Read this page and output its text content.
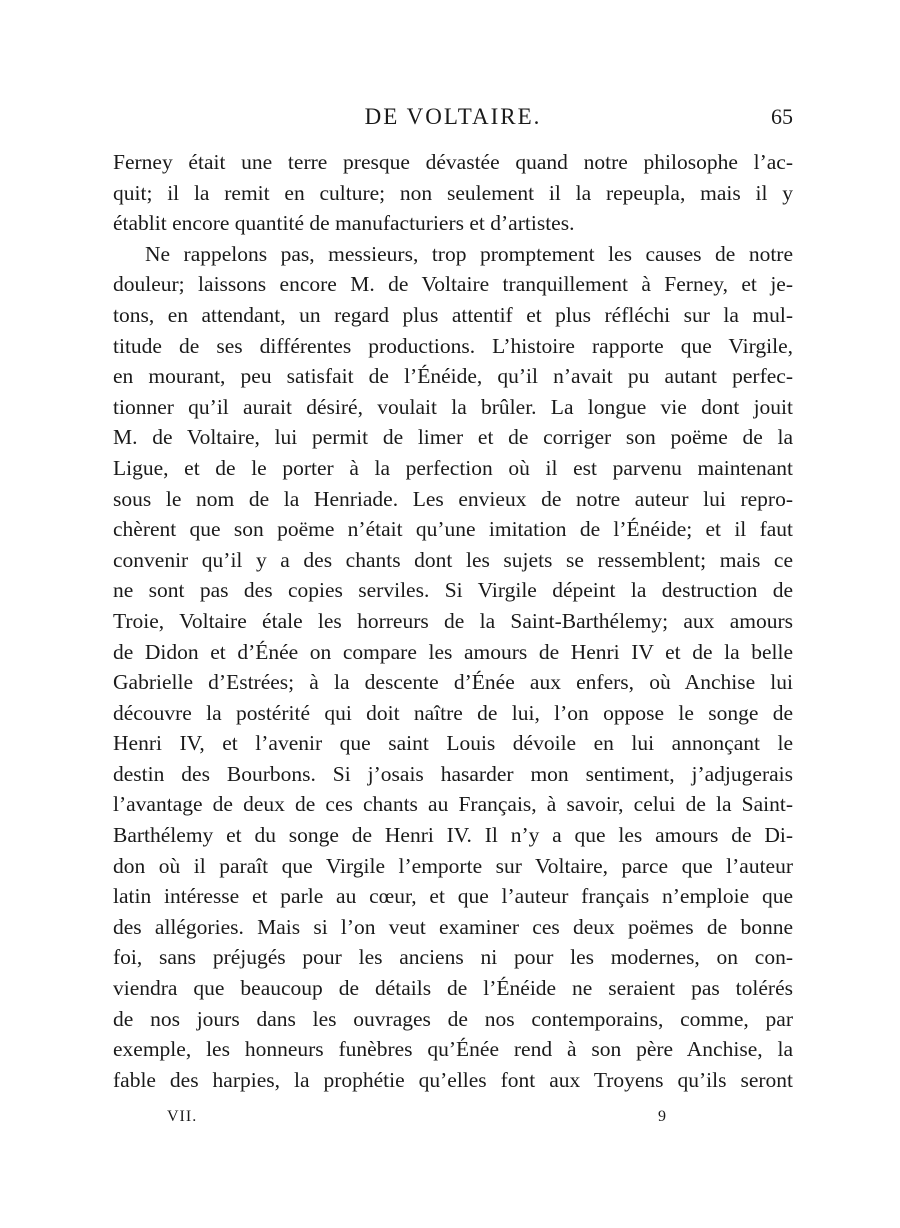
DE VOLTAIRE.	65
Ferney était une terre presque dévastée quand notre philosophe l’ac-
quit; il la remit en culture; non seulement il la repeupla, mais il y
établit encore quantité de manufacturiers et d’artistes.
Ne rappelons pas, messieurs, trop promptement les causes de notre
douleur; laissons encore M. de Voltaire tranquillement à Ferney, et je-
tons, en attendant, un regard plus attentif et plus réfléchi sur la mul-
titude de ses différentes productions. L’histoire rapporte que Virgile,
en mourant, peu satisfait de l’Énéide, qu’il n’avait pu autant perfec-
tionner qu’il aurait désiré, voulait la brûler. La longue vie dont jouit
M. de Voltaire, lui permit de limer et de corriger son poëme de la
Ligue, et de le porter à la perfection où il est parvenu maintenant
sous le nom de la Henriade. Les envieux de notre auteur lui repro-
chèrent que son poëme n’était qu’une imitation de l’Énéide; et il faut
convenir qu’il y a des chants dont les sujets se ressemblent; mais ce
ne sont pas des copies serviles. Si Virgile dépeint la destruction de
Troie, Voltaire étale les horreurs de la Saint-Barthélemy; aux amours
de Didon et d’Énée on compare les amours de Henri IV et de la belle
Gabrielle d’Estrées; à la descente d’Énée aux enfers, où Anchise lui
découvre la postérité qui doit naître de lui, l’on oppose le songe de
Henri IV, et l’avenir que saint Louis dévoile en lui annonçant le
destin des Bourbons. Si j’osais hasarder mon sentiment, j’adjugerais
l’avantage de deux de ces chants au Français, à savoir, celui de la Saint-
Barthélemy et du songe de Henri IV. Il n’y a que les amours de Di-
don où il paraît que Virgile l’emporte sur Voltaire, parce que l’auteur
latin intéresse et parle au cœur, et que l’auteur français n’emploie que
des allégories. Mais si l’on veut examiner ces deux poëmes de bonne
foi, sans préjugés pour les anciens ni pour les modernes, on con-
viendra que beaucoup de détails de l’Énéide ne seraient pas tolérés
de nos jours dans les ouvrages de nos contemporains, comme, par
exemple, les honneurs funèbres qu’Énée rend à son père Anchise, la
fable des harpies, la prophétie qu’elles font aux Troyens qu’ils seront
VII.	9
